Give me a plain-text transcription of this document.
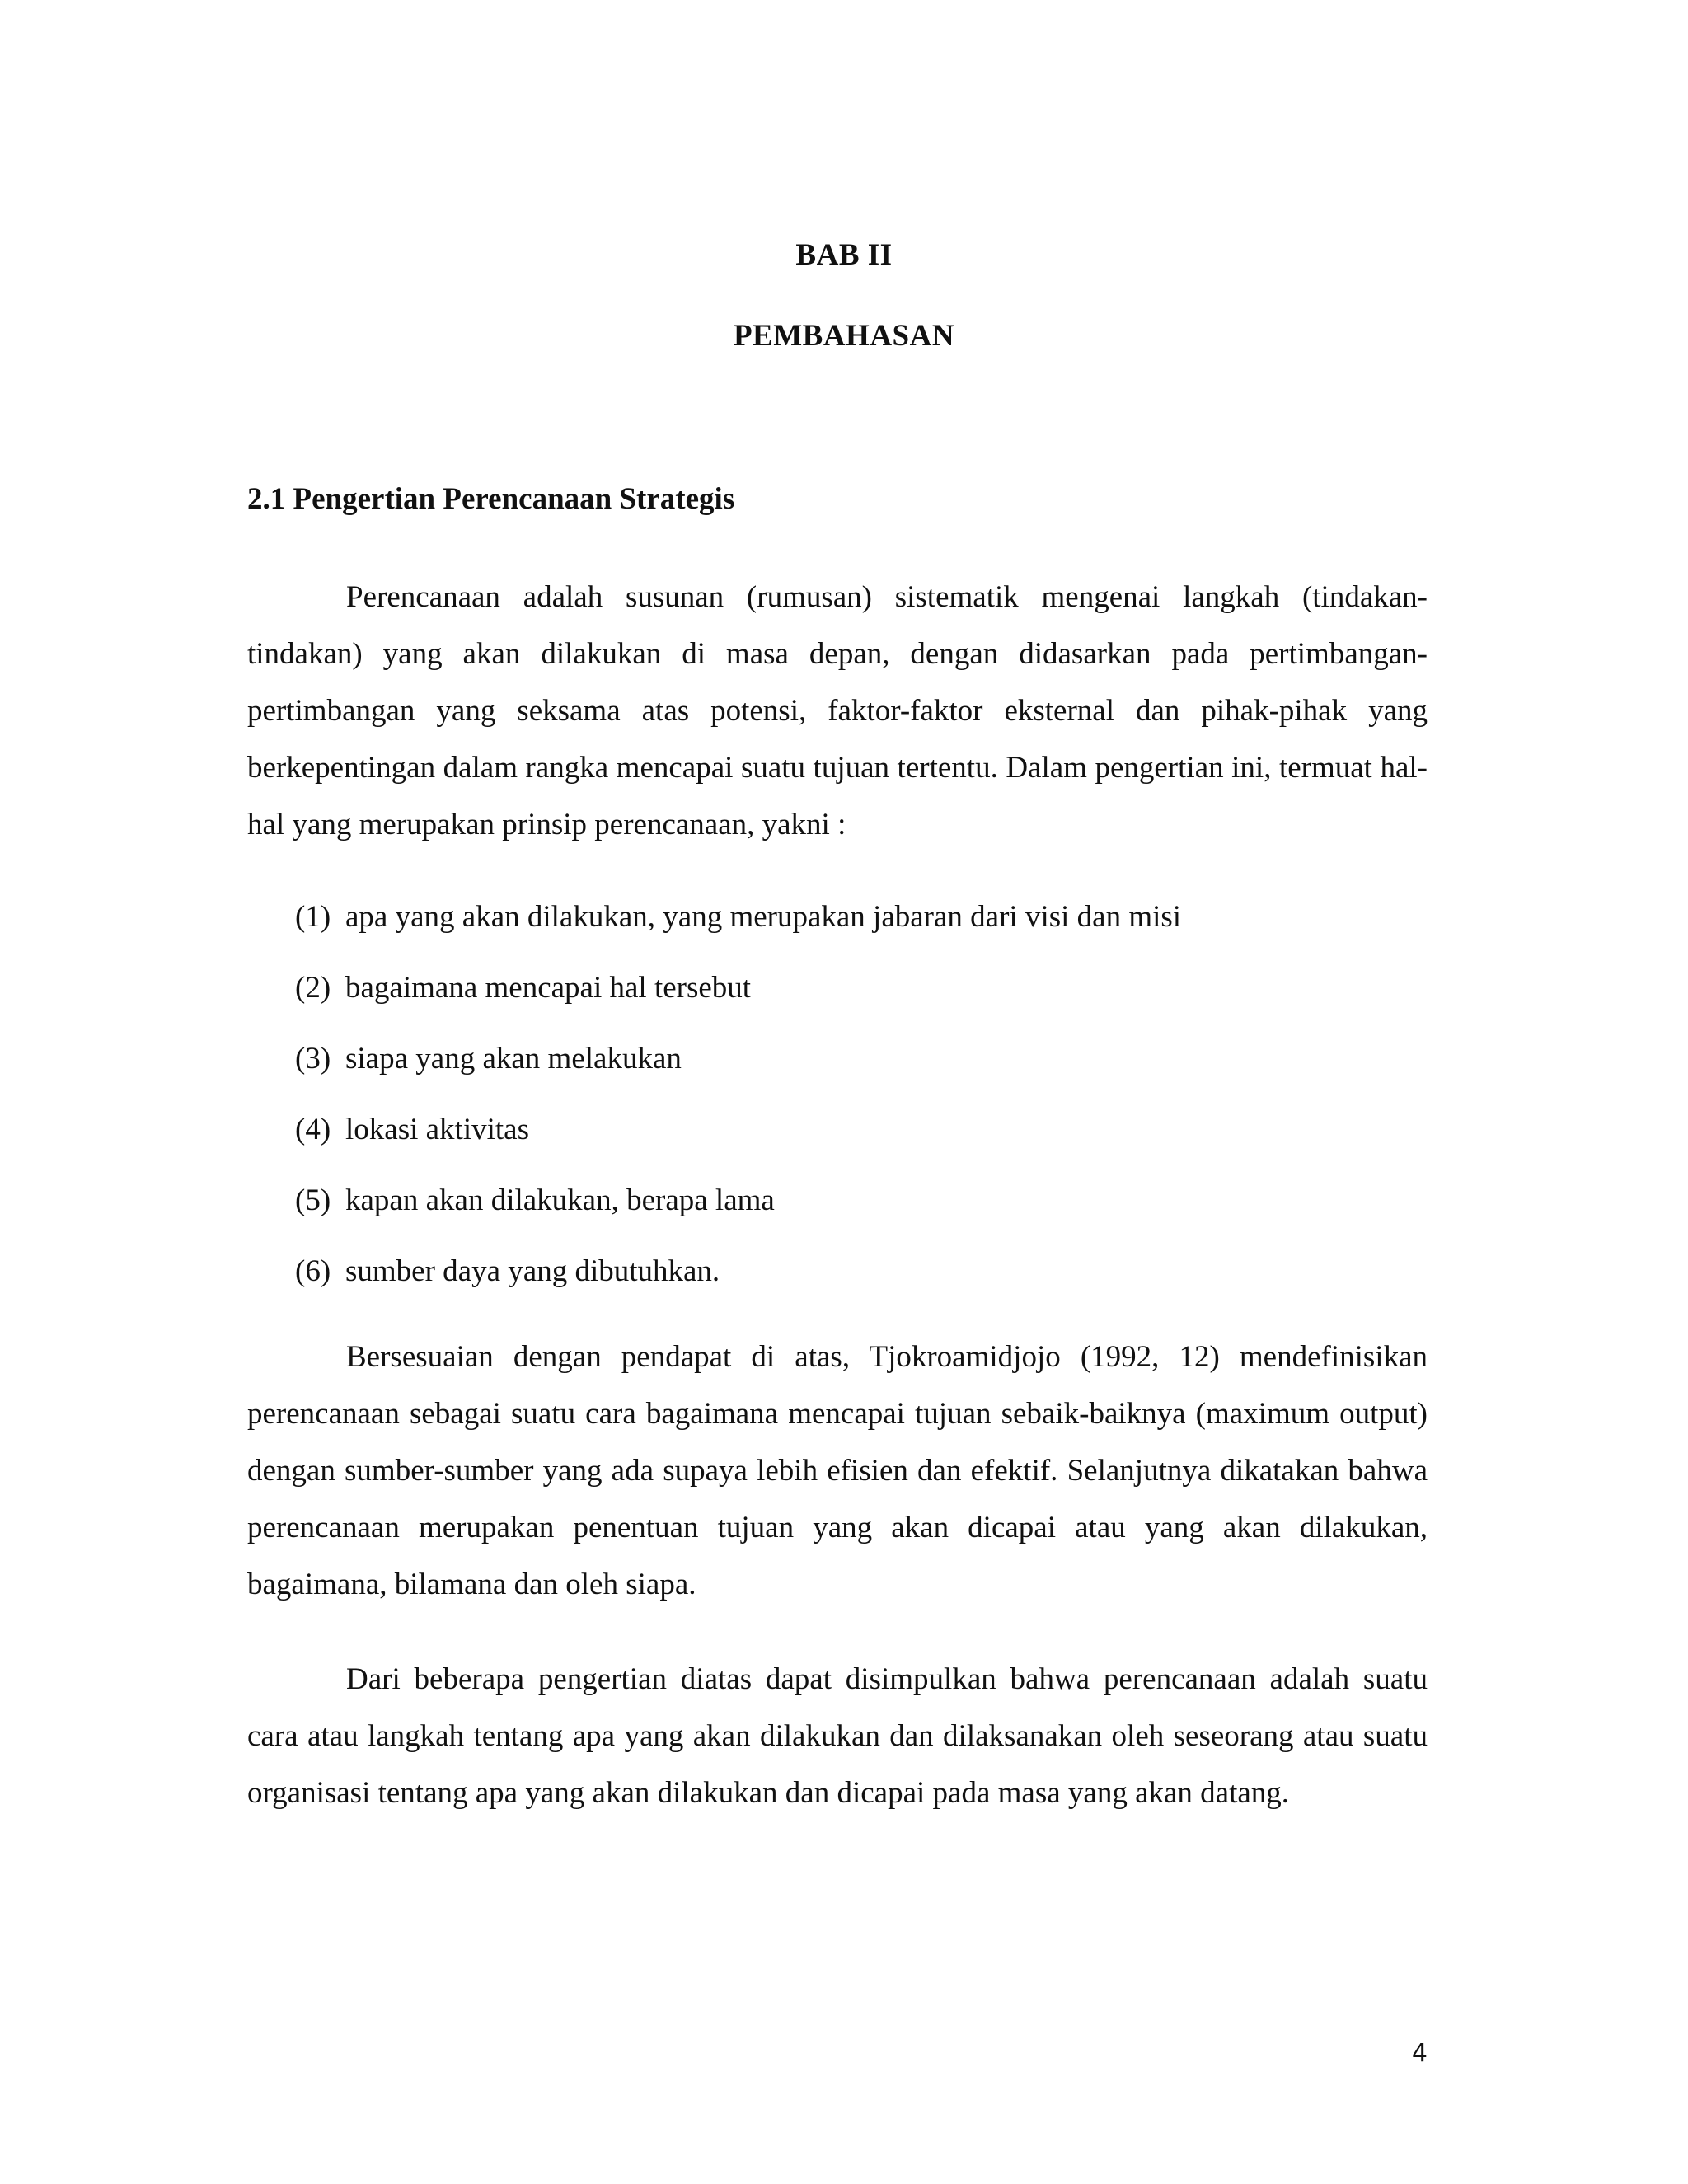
BAB II
PEMBAHASAN
2.1 Pengertian Perencanaan Strategis

Perencanaan adalah susunan (rumusan) sistematik mengenai langkah (tindakan-tindakan) yang akan dilakukan di masa depan, dengan didasarkan pada pertimbangan-pertimbangan yang seksama atas potensi, faktor-faktor eksternal dan pihak-pihak yang berkepentingan dalam rangka mencapai suatu tujuan tertentu. Dalam pengertian ini, termuat hal-hal yang merupakan prinsip perencanaan, yakni :

(1) apa yang akan dilakukan, yang merupakan jabaran dari visi dan misi
(2) bagaimana mencapai hal tersebut
(3) siapa yang akan melakukan
(4) lokasi aktivitas
(5) kapan akan dilakukan, berapa lama
(6) sumber daya yang dibutuhkan.

Bersesuaian dengan pendapat di atas, Tjokroamidjojo (1992, 12) mendefinisikan perencanaan sebagai suatu cara bagaimana mencapai tujuan sebaik-baiknya (maximum output) dengan sumber-sumber yang ada supaya lebih efisien dan efektif. Selanjutnya dikatakan bahwa perencanaan merupakan penentuan tujuan yang akan dicapai atau yang akan dilakukan, bagaimana, bilamana dan oleh siapa.

Dari beberapa pengertian diatas dapat disimpulkan bahwa perencanaan adalah suatu cara atau langkah tentang apa yang akan dilakukan dan dilaksanakan oleh seseorang atau suatu organisasi tentang apa yang akan dilakukan dan dicapai pada masa yang akan datang.

4
